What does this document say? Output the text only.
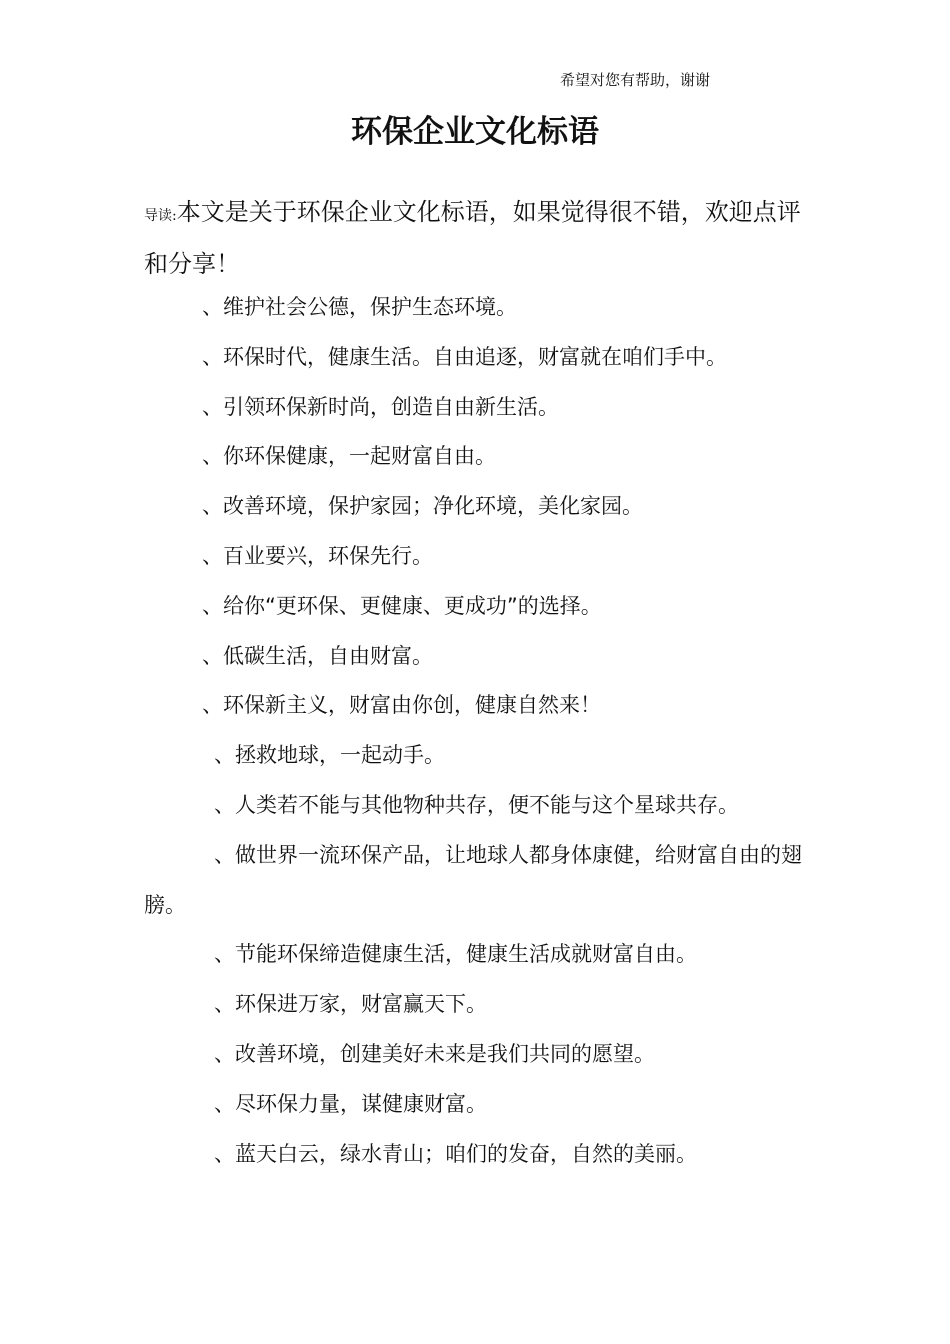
希望对您有帮助，谢谢
环保企业文化标语
导读:本文是关于环保企业文化标语，如果觉得很不错，欢迎点评和分享！
、维护社会公德，保护生态环境。
、环保时代，健康生活。自由追逐，财富就在咱们手中。
、引领环保新时尚，创造自由新生活。
、你环保健康，一起财富自由。
、改善环境，保护家园；净化环境，美化家园。
、百业要兴，环保先行。
、给你“更环保、更健康、更成功”的选择。
、低碳生活，自由财富。
、环保新主义，财富由你创，健康自然来！
、拯救地球，一起动手。
、人类若不能与其他物种共存，便不能与这个星球共存。
、做世界一流环保产品，让地球人都身体康健，给财富自由的翅膀。
、节能环保缔造健康生活，健康生活成就财富自由。
、环保进万家，财富赢天下。
、改善环境，创建美好未来是我们共同的愿望。
、尽环保力量，谋健康财富。
、蓝天白云，绿水青山；咱们的发奋，自然的美丽。
